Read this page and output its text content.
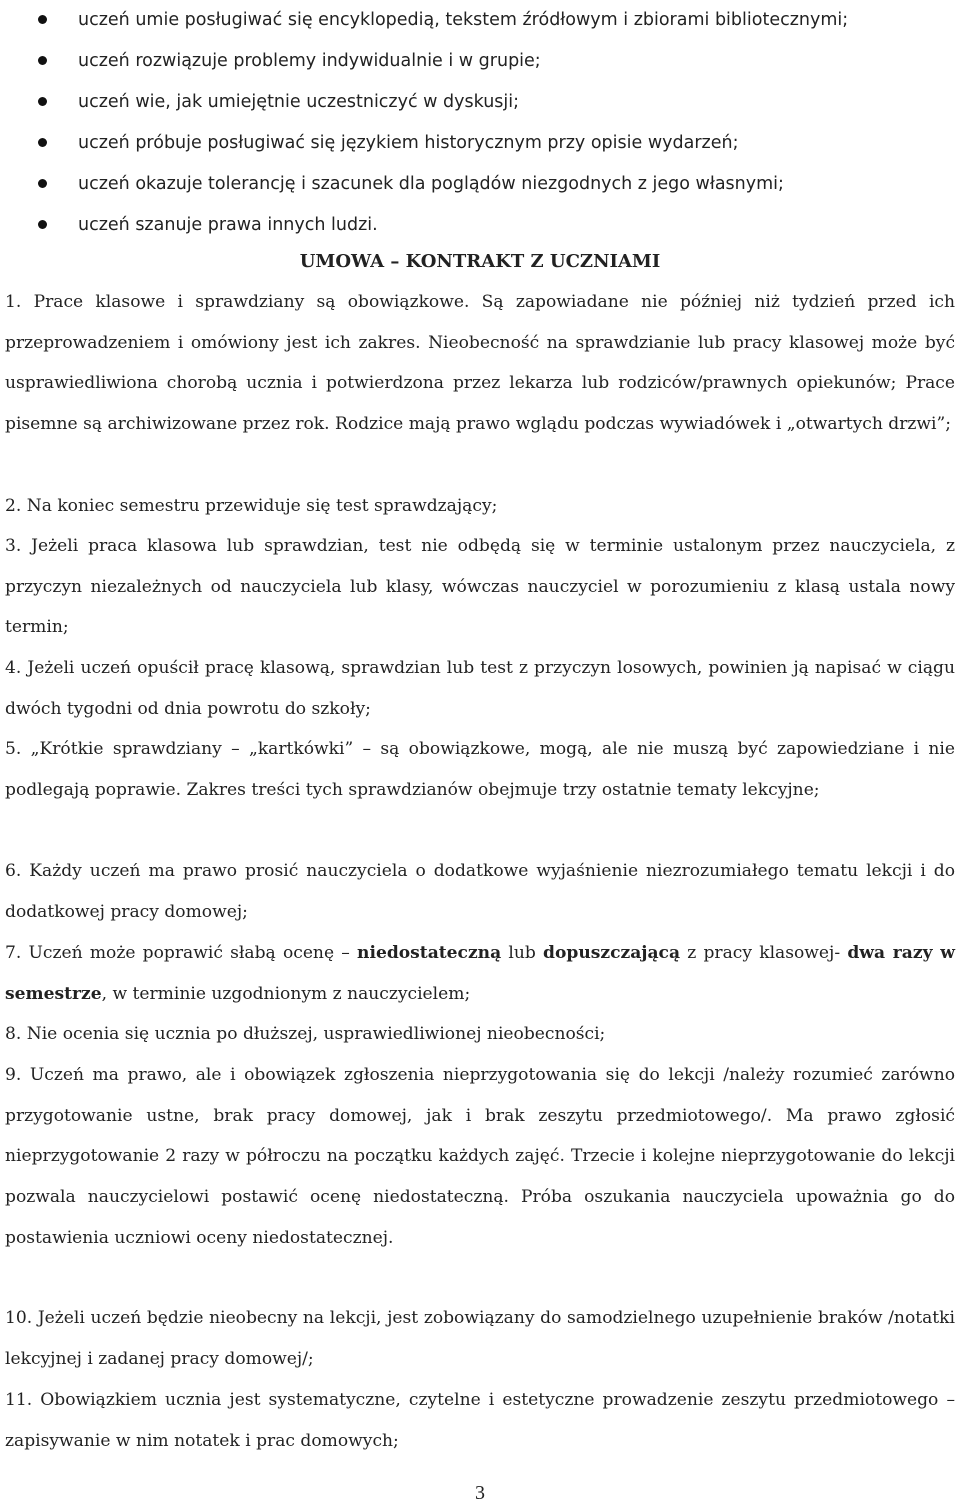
uczeń umie posługiwać się encyklopedią, tekstem źródłowym i zbiorami bibliotecznymi;
uczeń rozwiązuje problemy indywidualnie i w grupie;
uczeń wie, jak umiejętnie uczestniczyć w dyskusji;
uczeń próbuje posługiwać się językiem historycznym przy opisie wydarzeń;
uczeń okazuje tolerancję i szacunek dla poglądów niezgodnych z jego własnymi;
uczeń szanuje prawa innych ludzi.
UMOWA – KONTRAKT Z UCZNIAMI

1. Prace klasowe i sprawdziany są obowiązkowe. Są zapowiadane nie później niż tydzień przed ich przeprowadzeniem i omówiony jest ich zakres. Nieobecność na sprawdzianie lub pracy klasowej może być usprawiedliwiona chorobą ucznia i potwierdzona przez lekarza lub rodziców/prawnych opiekunów; Prace pisemne są archiwizowane przez rok. Rodzice mają prawo wglądu podczas wywiadówek i „otwartych drzwi”;

2. Na koniec semestru przewiduje się test sprawdzający;

3. Jeżeli praca klasowa lub sprawdzian, test nie odbędą się w terminie ustalonym przez nauczyciela, z przyczyn niezależnych od nauczyciela lub klasy, wówczas nauczyciel w porozumieniu z klasą ustala nowy termin;

4. Jeżeli uczeń opuścił pracę klasową, sprawdzian lub test z przyczyn losowych, powinien ją napisać w ciągu dwóch tygodni od dnia powrotu do szkoły;

5. „Krótkie sprawdziany – „kartkówki” – są obowiązkowe, mogą, ale nie muszą być zapowiedziane i nie podlegają poprawie. Zakres treści tych sprawdzianów obejmuje trzy ostatnie tematy lekcyjne;

6. Każdy uczeń ma prawo prosić nauczyciela o dodatkowe wyjaśnienie niezrozumiałego tematu lekcji i do dodatkowej pracy domowej;

7. Uczeń może poprawić słabą ocenę – niedostateczną lub dopuszczającą z pracy klasowej- dwa razy w semestrze, w terminie uzgodnionym z nauczycielem;

8. Nie ocenia się ucznia po dłuższej, usprawiedliwionej nieobecności;

9. Uczeń ma prawo, ale i obowiązek zgłoszenia nieprzygotowania się do lekcji /należy rozumieć zarówno przygotowanie ustne, brak pracy domowej, jak i brak zeszytu przedmiotowego/. Ma prawo zgłosić nieprzygotowanie 2 razy w półroczu na początku każdych zajęć. Trzecie i kolejne nieprzygotowanie do lekcji pozwala nauczycielowi postawić ocenę niedostateczną. Próba oszukania nauczyciela upoważnia go do postawienia uczniowi oceny niedostatecznej.

10. Jeżeli uczeń będzie nieobecny na lekcji, jest zobowiązany do samodzielnego uzupełnienie braków /notatki lekcyjnej i zadanej pracy domowej/;

11. Obowiązkiem ucznia jest systematyczne, czytelne i estetyczne prowadzenie zeszytu przedmiotowego – zapisywanie w nim notatek i prac domowych;

3
